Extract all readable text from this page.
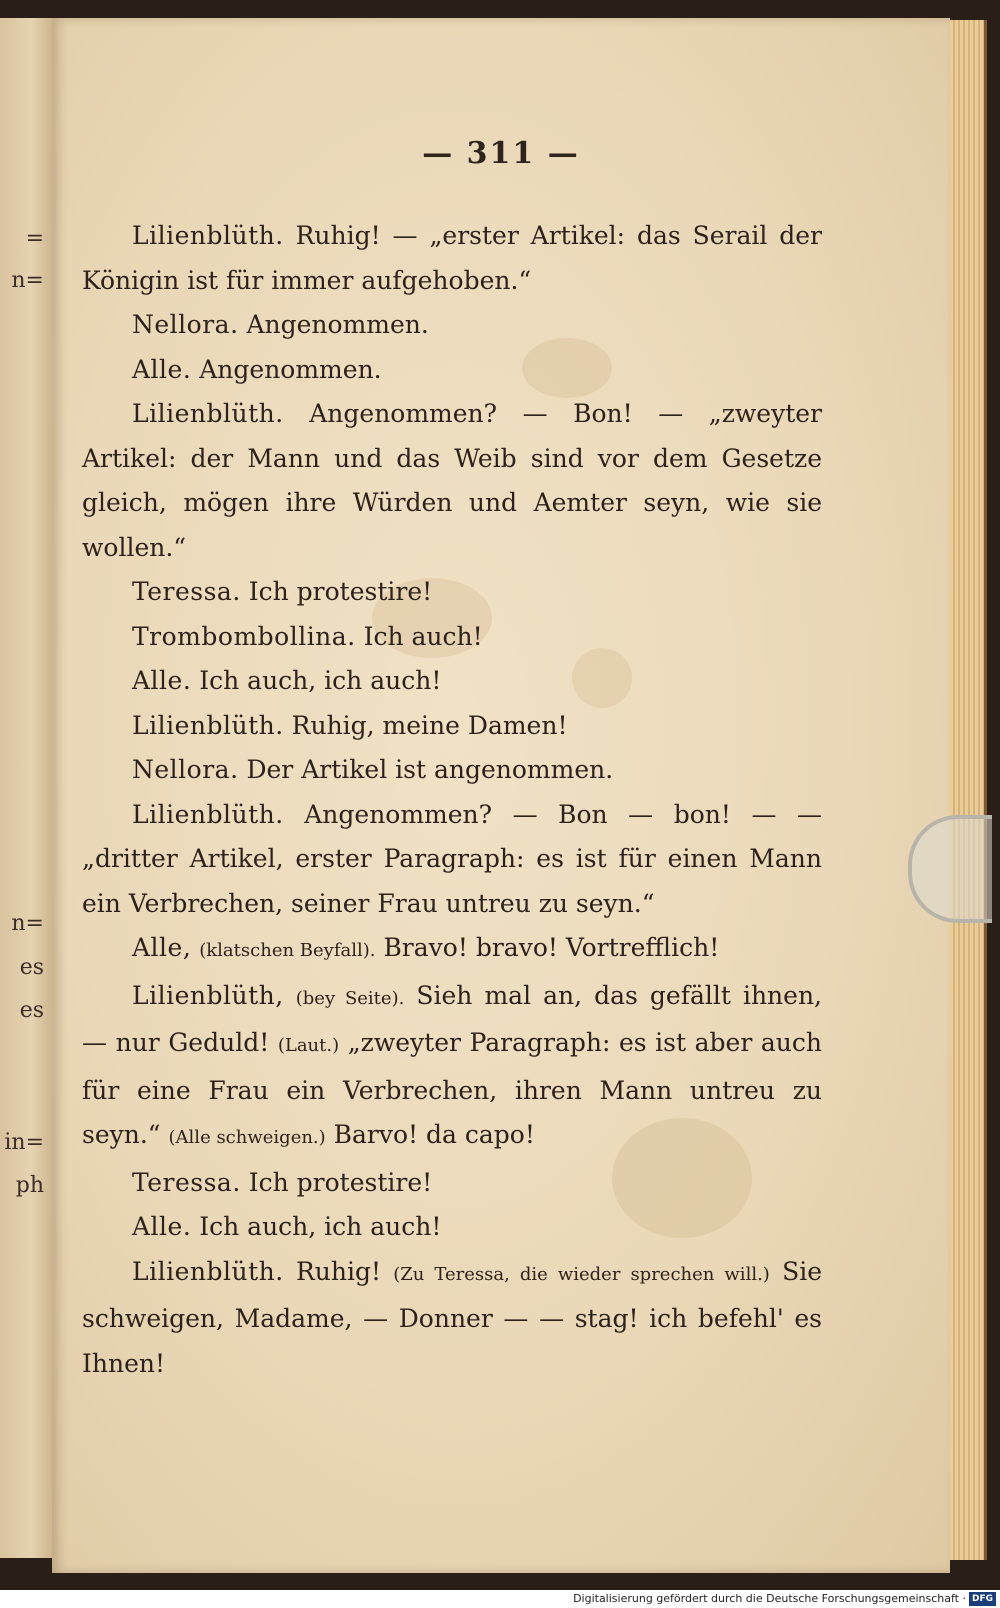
=
n=
n=
es
es
in=
ph
— 311 —

Lilienblüth. Ruhig! — „erster Artikel: das Serail der Königin ist für immer aufgehoben.“

Nellora. Angenommen.

Alle. Angenommen.

Lilienblüth. Angenommen? — Bon! — „zweyter Artikel: der Mann und das Weib sind vor dem Gesetze gleich, mögen ihre Würden und Aemter seyn, wie sie wollen.“

Teressa. Ich protestire!

Trombombollina. Ich auch!

Alle. Ich auch, ich auch!

Lilienblüth. Ruhig, meine Damen!

Nellora. Der Artikel ist angenommen.

Lilienblüth. Angenommen? — Bon — bon! — — „dritter Artikel, erster Paragraph: es ist für einen Mann ein Verbrechen, seiner Frau untreu zu seyn.“

Alle, (klatschen Beyfall). Bravo! bravo! Vortrefflich!

Lilienblüth, (bey Seite). Sieh mal an, das gefällt ihnen, — nur Geduld! (Laut.) „zweyter Paragraph: es ist aber auch für eine Frau ein Verbrechen, ihren Mann untreu zu seyn.“ (Alle schweigen.) Barvo! da capo!

Teressa. Ich protestire!

Alle. Ich auch, ich auch!

Lilienblüth. Ruhig! (Zu Teressa, die wieder sprechen will.) Sie schweigen, Madame, — Donner — — stag! ich befehl' es Ihnen!

Digitalisierung gefördert durch die Deutsche Forschungsgemeinschaft · DFG
